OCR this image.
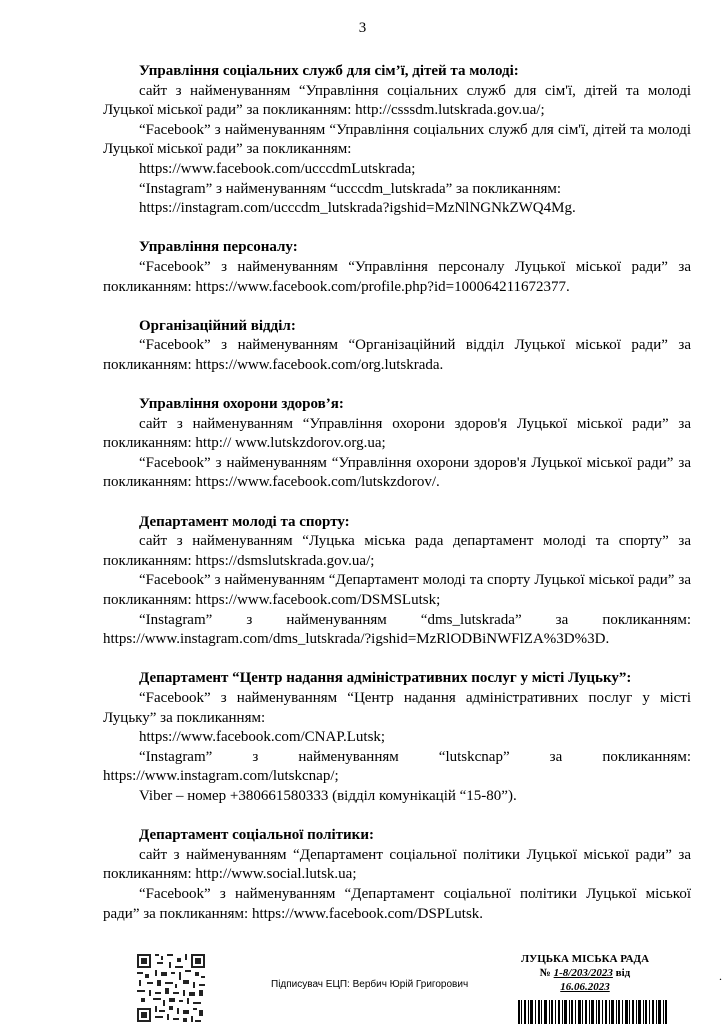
3
Управління соціальних служб для сім’ї, дітей та молоді:
сайт з найменуванням “Управління соціальних служб для сім'ї, дітей та молоді Луцької міської ради” за покликанням: http://csssdm.lutskrada.gov.ua/;
“Facebook” з найменуванням “Управління соціальних служб для сім'ї, дітей та молоді Луцької міської ради” за покликанням:
https://www.facebook.com/ucccdmLutskrada;
“Instagram” з найменуванням “ucccdm_lutskrada” за покликанням:
https://instagram.com/ucccdm_lutskrada?igshid=MzNlNGNkZWQ4Mg.
Управління персоналу:
“Facebook” з найменуванням “Управління персоналу Луцької міської ради” за покликанням: https://www.facebook.com/profile.php?id=100064211672377.
Організаційний відділ:
“Facebook” з найменуванням “Організаційний відділ Луцької міської ради” за покликанням: https://www.facebook.com/org.lutskrada.
Управління охорони здоров’я:
сайт з найменуванням “Управління охорони здоров'я Луцької міської ради” за покликанням: http:// www.lutskzdorov.org.ua;
“Facebook” з найменуванням “Управління охорони здоров'я Луцької міської ради” за покликанням: https://www.facebook.com/lutskzdorov/.
Департамент молоді та спорту:
сайт з найменуванням “Луцька міська рада департамент молоді та спорту” за покликанням: https://dsmslutskrada.gov.ua/;
“Facebook” з найменуванням “Департамент молоді та спорту Луцької міської ради” за покликанням: https://www.facebook.com/DSMSLutsk;
“Instagram” з найменуванням “dms_lutskrada” за покликанням: https://www.instagram.com/dms_lutskrada/?igshid=MzRlODBiNWFlZA%3D%3D.
Департамент “Центр надання адміністративних послуг у місті Луцьку”:
“Facebook” з найменуванням “Центр надання адміністративних послуг у місті Луцьку” за покликанням:
https://www.facebook.com/CNAP.Lutsk;
“Instagram” з найменуванням “lutskcnap” за покликанням: https://www.instagram.com/lutskcnap/;
Viber – номер +380661580333 (відділ комунікацій “15-80”).
Департамент соціальної політики:
сайт з найменуванням “Департамент соціальної політики Луцької міської ради” за покликанням: http://www.social.lutsk.ua;
“Facebook” з найменуванням “Департамент соціальної політики Луцької міської ради” за покликанням: https://www.facebook.com/DSPLutsk.
Підписувач ЕЦП: Вербич Юрій Григорович
ЛУЦЬКА МІСЬКА РАДА
№ 1-8/203/2023 від
16.06.2023
.
